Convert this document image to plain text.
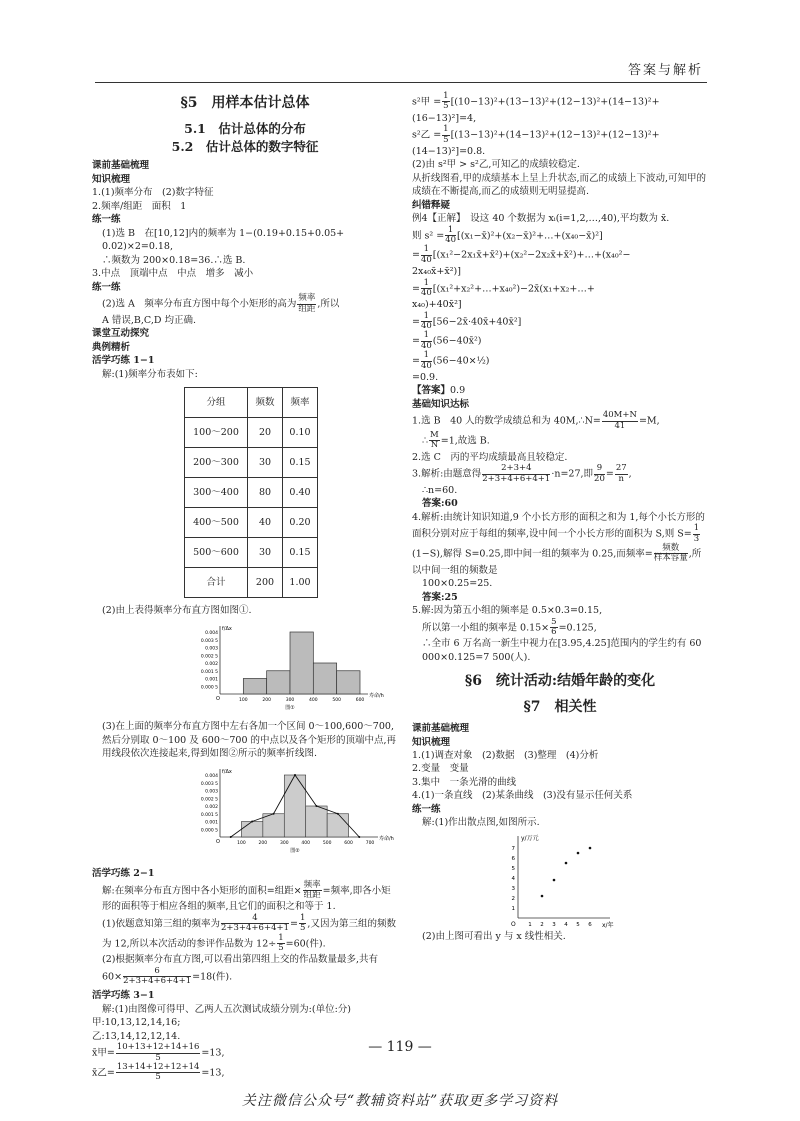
答案与解析

§5　用样本估计总体

5.1　估计总体的分布

5.2　估计总体的数字特征

课前基础梳理

知识梳理

1.(1)频率分布　(2)数字特征

2.频率/组距　面积　1

练一练

(1)选 B　在[10,12]内的频率为 1−(0.19+0.15+0.05+

0.02)×2=0.18,

∴频数为 200×0.18=36.∴选 B.

3.中点　顶端中点　中点　增多　减小

练一练

(2)选 A　频率分布直方图中每个小矩形的高为 $\frac{\text{频率}}{\text{组距}}$ ,所以

A 错误,B,C,D 均正确.

课堂互动探究

典例精析

活学巧练 1−1

解:(1)频率分布表如下:

分组	频数	频率
100～200	20	0.10
200～300	30	0.15
300～400	80	0.40
400～500	40	0.20
500～600	30	0.15
合计	200	1.00

(2)由上表得频率分布直方图如图①.

f/Δx
寿命/h
0.004
0.003 5
0.003
0.002 5
0.002
0.001 5
0.001
0.000 5
100	200	300	400	500	600
图①
O

(3)在上面的频率分布直方图中左右各加一个区间 0～100,600～700,然后分别取 0～100 及 600～700 的中点以及各个矩形的顶端中点,再用线段依次连接起来,得到如图②所示的频率折线图.

f/Δx
寿命/h
0.004
0.003 5
0.003
0.002 5
0.002
0.001 5
0.001
0.000 5
100	200	300	400	500	600	700
图②
O

活学巧练 2−1

解:在频率分布直方图中各小矩形的面积=组距× $\frac{\text{频率}}{\text{组距}}$ =频率,即各小矩形的面积等于相应各组的频率,且它们的面积之和等于 1.

(1)依题意知第三组的频率为 $\frac{4}{2+3+4+6+4+1} = \frac{1}{5}$ ,又因为第三组的频数为 12,所以本次活动的参评作品数为 $12\div \frac{1}{5} =60$(件).

(2)根据频率分布直方图,可以看出第四组上交的作品数量最多,共有 $60\times \frac{6}{2+3+4+6+4+1} =18$(件).

活学巧练 3−1

解:(1)由图像可得甲、乙两人五次测试成绩分别为:(单位:分)

甲:10,13,12,14,16;

乙:13,14,12,12,14.

x̄甲= $\frac{10+13+12+14+16}{5} =13$,

x̄乙= $\frac{13+14+12+12+14}{5} =13$,

s²甲 = $\frac{1}{5} [(10-13)^2+(13-13)^2+(12-13)^2+(14-13)^2+$

(16−13)²]=4,

s²乙 = $\frac{1}{5} [(13-13)^2+(14-13)^2+(12-13)^2+(12-13)^2+$

(14−13)²]=0.8.

(2)由 s²甲 > s²乙,可知乙的成绩较稳定.

从折线图看,甲的成绩基本上呈上升状态,而乙的成绩上下波动,可知甲的成绩在不断提高,而乙的成绩则无明显提高.

纠错释疑

例4【正解】　设这 40 个数据为 xᵢ(i=1,2,…,40),平均数为 x̄.

则 $s^2 = \frac{1}{40}$ [(x₁−x̄)²+(x₂−x̄)²+…+(x₄₀−x̄)²]

= $\frac{1}{40}$ [(x₁²−2x₁x̄+x̄²)+(x₂²−2x₂x̄+x̄²)+…+(x₄₀²−

2x₄₀x̄+x̄²)]

= $\frac{1}{40}$ [(x₁²+x₂²+…+x₄₀²)−2x̄(x₁+x₂+…+

x₄₀)+40x̄²]

= $\frac{1}{40}$ [56−2x̄·40x̄+40x̄²]

= $\frac{1}{40}$ (56−40x̄²)

= $\frac{1}{40}$ (56−40×½)

=0.9.

【答案】0.9

基础知识达标

1.选 B　40 人的数学成绩总和为 40M,∴N= $\frac{40M+N}{41} =M$,

∴ $\frac{M}{N} =1$,故选 B.

2.选 C　丙的平均成绩最高且较稳定.

3.解析:由题意得 $\frac{2+3+4}{2+3+4+6+4+1} \cdot n=27$,即 $\frac{9}{20} = \frac{27}{n}$ ,

∴n=60.

答案:60

4.解析:由统计知识知道,9 个小长方形的面积之和为 1,每个小长方形的面积分别对应于每组的频率,设中间一个小长方形的面积为 S,则 $S= \frac{1}{3}$
(1−S),解得 S=0.25,即中间一组的频率为 0.25,而频率= $\frac{\text{频数}}{\text{样本容量}}$ ,所以中间一组的频数是

100×0.25=25.

答案:25

5.解:因为第五小组的频率是 0.5×0.3=0.15,

所以第一小组的频率是 $0.15\times \frac{5}{6} =0.125$,

∴全市 6 万名高一新生中视力在[3.95,4.25]范围内的学生约有 60 000×0.125=7 500(人).

§6　统计活动:结婚年龄的变化

§7　相关性

课前基础梳理

知识梳理

1.(1)调查对象　(2)数据　(3)整理　(4)分析

2.变量　变量

3.集中　一条光滑的曲线

4.(1)一条直线　(2)某条曲线　(3)没有显示任何关系

练一练

解:(1)作出散点图,如图所示.

y/万元
x/年
O 1 2 3 4 5 6
1
2
3
4
5
6
7

(2)由上图可看出 y 与 x 线性相关.

— 119 —
关注微信公众号“教辅资料站”获取更多学习资料
